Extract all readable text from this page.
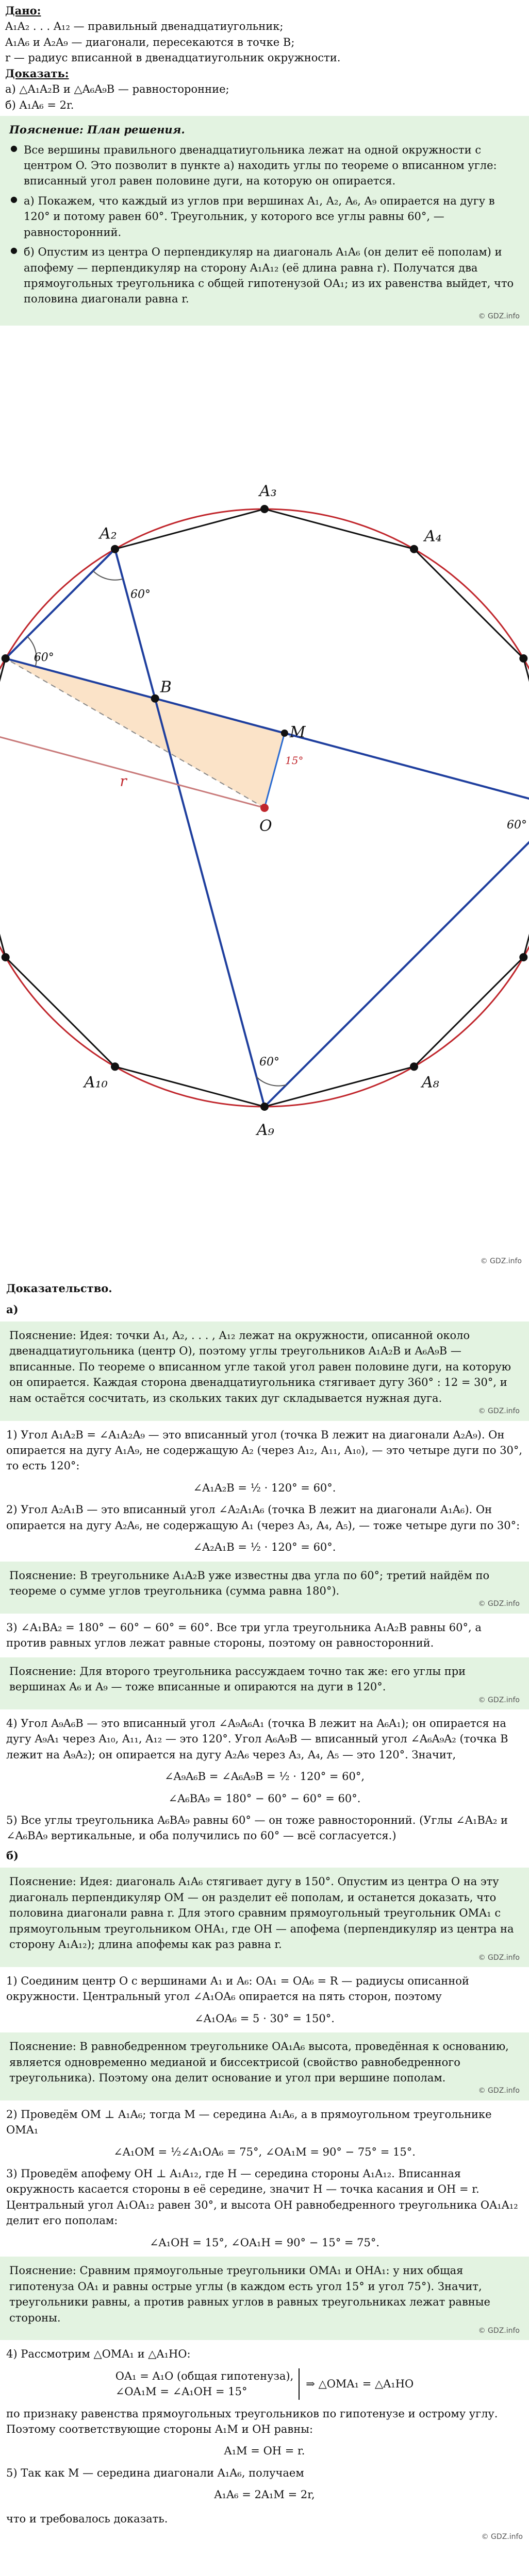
Дано:

A₁A₂ . . . A₁₂ — правильный двенадцатиугольник;

A₁A₆ и A₂A₉ — диагонали, пересекаются в точке B;

r — радиус вписанной в двенадцатиугольник окружности.

Доказать:

а) △A₁A₂B и △A₆A₉B — равносторонние;

б) A₁A₆ = 2r.

Пояснение: План решения.

● Все вершины правильного двенадцатиугольника лежат на одной окружности с центром O. Это позволит в пункте а) находить углы по теореме о вписанном угле: вписанный угол равен половине дуги, на которую он опирается.
● а) Покажем, что каждый из углов при вершинах A₁, A₂, A₆, A₉ опирается на дугу в 120° и потому равен 60°. Треугольник, у которого все углы равны 60°, — равносторонний.
● б) Опустим из центра O перпендикуляр на диагональ A₁A₆ (он делит её пополам) и апофему — перпендикуляр на сторону A₁A₁₂ (её длина равна r). Получатся два прямоугольных треугольника с общей гипотенузой OA₁; из их равенства выйдет, что половина диагонали равна r.
© GDZ.info
A₂
A₃
A₄
A₈
A₉
A₁₀
B
O
M
r
60°
60°
60°
60°
15°
© GDZ.info
Доказательство.
а)

Пояснение: Идея: точки A₁, A₂, . . . , A₁₂ лежат на окружности, описанной около двенадцатиугольника (центр O), поэтому углы треугольников A₁A₂B и A₆A₉B — вписанные. По теореме о вписанном угле такой угол равен половине дуги, на которую он опирается. Каждая сторона двенадцатиугольника стягивает дугу 360° : 12 = 30°, и нам остаётся сосчитать, из скольких таких дуг складывается нужная дуга.

© GDZ.info
1) Угол A₁A₂B = ∠A₁A₂A₉ — это вписанный угол (точка B лежит на диагонали A₂A₉). Он опирается на дугу A₁A₉, не содержащую A₂ (через A₁₂, A₁₁, A₁₀), — это четыре дуги по 30°, то есть 120°:
∠A₁A₂B = ½ · 120° = 60°.
2) Угол A₂A₁B — это вписанный угол ∠A₂A₁A₆ (точка B лежит на диагонали A₁A₆). Он опирается на дугу A₂A₆, не содержащую A₁ (через A₃, A₄, A₅), — тоже четыре дуги по 30°:
∠A₂A₁B = ½ · 120° = 60°.

Пояснение: В треугольнике A₁A₂B уже известны два угла по 60°; третий найдём по теореме о сумме углов треугольника (сумма равна 180°).

© GDZ.info
3) ∠A₁BA₂ = 180° − 60° − 60° = 60°. Все три угла треугольника A₁A₂B равны 60°, а против равных углов лежат равные стороны, поэтому он равносторонний.

Пояснение: Для второго треугольника рассуждаем точно так же: его углы при вершинах A₆ и A₉ — тоже вписанные и опираются на дуги в 120°.

© GDZ.info
4) Угол A₉A₆B — это вписанный угол ∠A₉A₆A₁ (точка B лежит на A₆A₁); он опирается на дугу A₉A₁ через A₁₀, A₁₁, A₁₂ — это 120°. Угол A₆A₉B — вписанный угол ∠A₆A₉A₂ (точка B лежит на A₉A₂); он опирается на дугу A₂A₆ через A₃, A₄, A₅ — это 120°. Значит,
∠A₉A₆B = ∠A₆A₉B = ½ · 120° = 60°,
∠A₆BA₉ = 180° − 60° − 60° = 60°.
5) Все углы треугольника A₆BA₉ равны 60° — он тоже равносторонний. (Углы ∠A₁BA₂ и ∠A₆BA₉ вертикальные, и оба получились по 60° — всё согласуется.)
б)

Пояснение: Идея: диагональ A₁A₆ стягивает дугу в 150°. Опустим из центра O на эту диагональ перпендикуляр OM — он разделит её пополам, и останется доказать, что половина диагонали равна r. Для этого сравним прямоугольный треугольник OMA₁ с прямоугольным треугольником OHA₁, где OH — апофема (перпендикуляр из центра на сторону A₁A₁₂); длина апофемы как раз равна r.

© GDZ.info
1) Соединим центр O с вершинами A₁ и A₆: OA₁ = OA₆ = R — радиусы описанной окружности. Центральный угол ∠A₁OA₆ опирается на пять сторон, поэтому
∠A₁OA₆ = 5 · 30° = 150°.

Пояснение: В равнобедренном треугольнике OA₁A₆ высота, проведённая к основанию, является одновременно медианой и биссектрисой (свойство равнобедренного треугольника). Поэтому она делит основание и угол при вершине пополам.

© GDZ.info
2) Проведём OM ⊥ A₁A₆; тогда M — середина A₁A₆, а в прямоугольном треугольнике OMA₁
∠A₁OM = ½∠A₁OA₆ = 75°, ∠OA₁M = 90° − 75° = 15°.
3) Проведём апофему OH ⊥ A₁A₁₂, где H — середина стороны A₁A₁₂. Вписанная окружность касается стороны в её середине, значит H — точка касания и OH = r. Центральный угол A₁OA₁₂ равен 30°, и высота OH равнобедренного треугольника OA₁A₁₂ делит его пополам:
∠A₁OH = 15°, ∠OA₁H = 90° − 15° = 75°.

Пояснение: Сравним прямоугольные треугольники OMA₁ и OHA₁: у них общая гипотенуза OA₁ и равны острые углы (в каждом есть угол 15° и угол 75°). Значит, треугольники равны, а против равных углов в равных треугольниках лежат равные стороны.

© GDZ.info
4) Рассмотрим △OMA₁ и △A₁HO:
OA₁ = A₁O (общая гипотенуза),
∠OA₁M = ∠A₁OH = 15°
⇒ △OMA₁ = △A₁HO
по признаку равенства прямоугольных треугольников по гипотенузе и острому углу. Поэтому соответствующие стороны A₁M и OH равны:
A₁M = OH = r.
5) Так как M — середина диагонали A₁A₆, получаем
A₁A₆ = 2A₁M = 2r,
что и требовалось доказать.
© GDZ.info
